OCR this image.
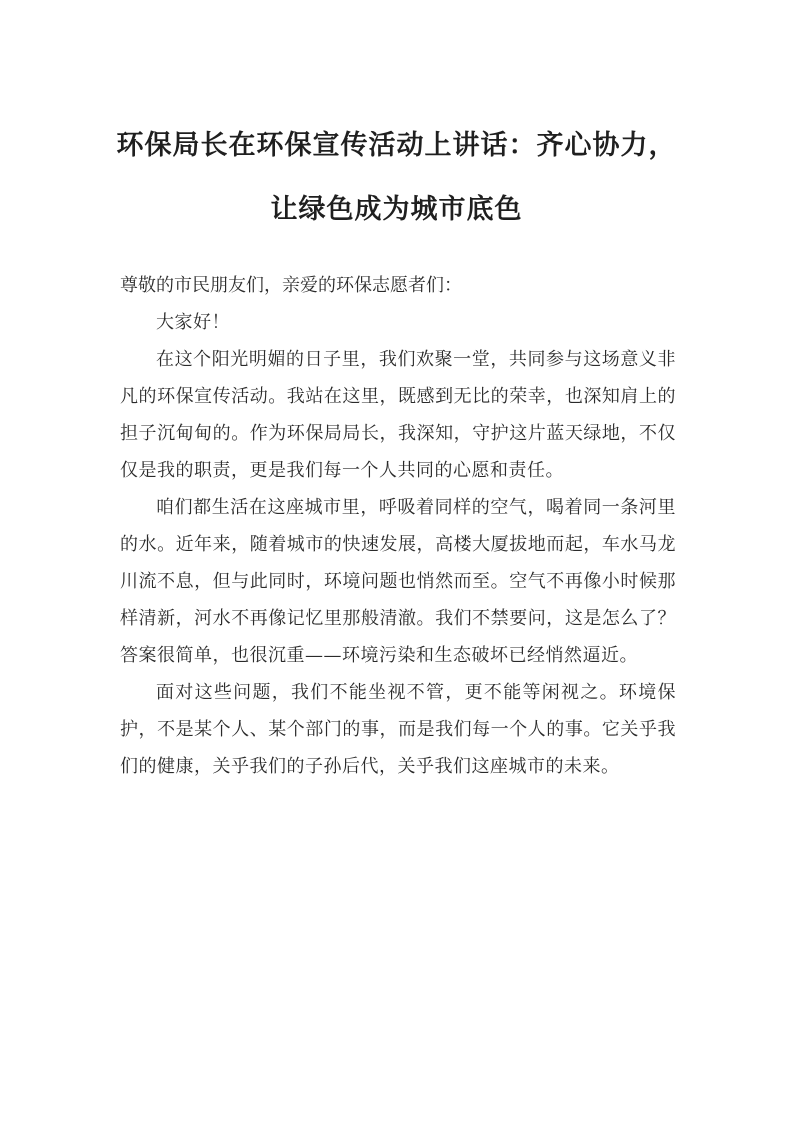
环保局长在环保宣传活动上讲话：齐心协力，
让绿色成为城市底色

尊敬的市民朋友们，亲爱的环保志愿者们：

大家好！

在这个阳光明媚的日子里，我们欢聚一堂，共同参与这场意义非凡的环保宣传活动。我站在这里，既感到无比的荣幸，也深知肩上的担子沉甸甸的。作为环保局局长，我深知，守护这片蓝天绿地，不仅仅是我的职责，更是我们每一个人共同的心愿和责任。

咱们都生活在这座城市里，呼吸着同样的空气，喝着同一条河里的水。近年来，随着城市的快速发展，高楼大厦拔地而起，车水马龙川流不息，但与此同时，环境问题也悄然而至。空气不再像小时候那样清新，河水不再像记忆里那般清澈。我们不禁要问，这是怎么了？答案很简单，也很沉重——环境污染和生态破坏已经悄然逼近。

面对这些问题，我们不能坐视不管，更不能等闲视之。环境保护，不是某个人、某个部门的事，而是我们每一个人的事。它关乎我们的健康，关乎我们的子孙后代，关乎我们这座城市的未来。
